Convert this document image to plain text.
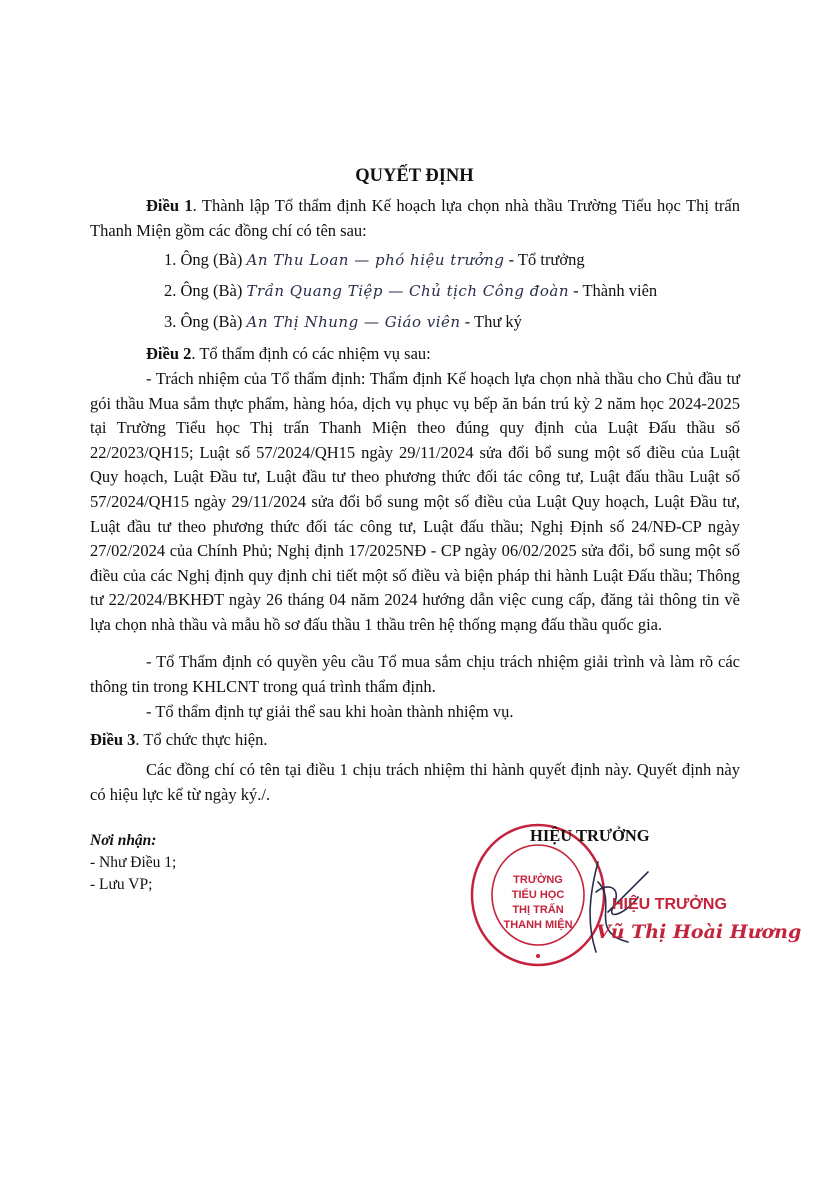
QUYẾT ĐỊNH
Điều 1. Thành lập Tổ thẩm định Kế hoạch lựa chọn nhà thầu Trường Tiểu học Thị trấn Thanh Miện gồm các đồng chí có tên sau:
1. Ông (Bà) An Thu Loan — phó hiệu trưởng - Tổ trưởng
2. Ông (Bà) Trần Quang Tiệp — Chủ tịch Công đoàn - Thành viên
3. Ông (Bà) An Thị Nhung — Giáo viên - Thư ký
Điều 2. Tổ thẩm định có các nhiệm vụ sau:
- Trách nhiệm của Tổ thẩm định: Thẩm định Kế hoạch lựa chọn nhà thầu cho Chủ đầu tư gói thầu Mua sắm thực phẩm, hàng hóa, dịch vụ phục vụ bếp ăn bán trú kỳ 2 năm học 2024-2025 tại Trường Tiểu học Thị trấn Thanh Miện theo đúng quy định của Luật Đấu thầu số 22/2023/QH15; Luật số 57/2024/QH15 ngày 29/11/2024 sửa đổi bổ sung một số điều của Luật Quy hoạch, Luật Đầu tư, Luật đầu tư theo phương thức đối tác công tư, Luật đấu thầu Luật số 57/2024/QH15 ngày 29/11/2024 sửa đổi bổ sung một số điều của Luật Quy hoạch, Luật Đầu tư, Luật đầu tư theo phương thức đối tác công tư, Luật đấu thầu; Nghị Định số 24/NĐ-CP ngày 27/02/2024 của Chính Phủ; Nghị định 17/2025NĐ - CP ngày 06/02/2025 sửa đổi, bổ sung một số điều của các Nghị định quy định chi tiết một số điều và biện pháp thi hành Luật Đấu thầu; Thông tư 22/2024/BKHĐT ngày 26 tháng 04 năm 2024 hướng dẫn việc cung cấp, đăng tải thông tin về lựa chọn nhà thầu và mẫu hồ sơ đấu thầu 1 thầu trên hệ thống mạng đấu thầu quốc gia.
- Tổ Thẩm định có quyền yêu cầu Tổ mua sắm chịu trách nhiệm giải trình và làm rõ các thông tin trong KHLCNT trong quá trình thẩm định.
- Tổ thẩm định tự giải thể sau khi hoàn thành nhiệm vụ.
Điều 3. Tổ chức thực hiện.
Các đồng chí có tên tại điều 1 chịu trách nhiệm thi hành quyết định này. Quyết định này có hiệu lực kể từ ngày ký./.
Nơi nhận:
- Như Điều 1;
- Lưu VP;	TRƯỜNG
TIỂU HỌC
THỊ TRẤN
THANH MIỆN
HIỆU TRƯỞNG
HIỆU TRƯỞNG
Vũ Thị Hoài Hương
